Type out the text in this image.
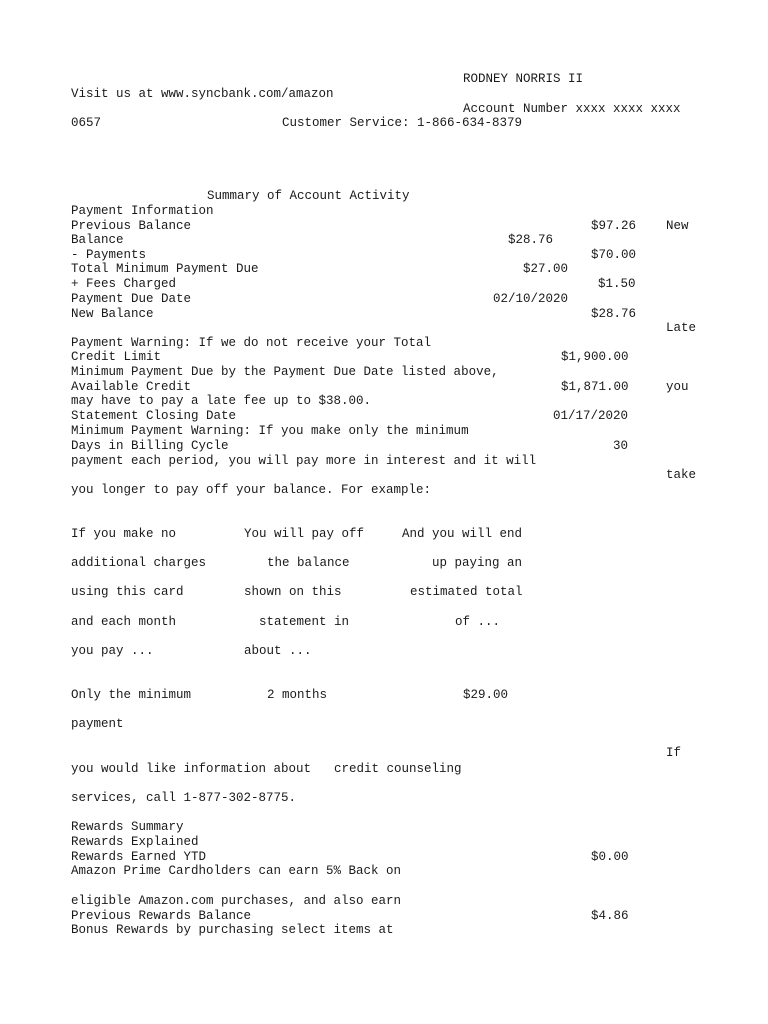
RODNEY NORRIS II
Visit us at www.syncbank.com/amazon
Account Number xxxx xxxx xxxx
0657	Customer Service: 1-866-634-8379
Summary of Account Activity
Payment Information
Previous Balance	$97.26 New
Balance	$28.76
- Payments	$70.00
Total Minimum Payment Due	$27.00
+ Fees Charged	$1.50
Payment Due Date	02/10/2020
New Balance	$28.76
Late
Payment Warning: If we do not receive your Total
Credit Limit	$1,900.00
Minimum Payment Due by the Payment Due Date listed above,
Available Credit	$1,871.00	you
may have to pay a late fee up to $38.00.
Statement Closing Date	01/17/2020
Minimum Payment Warning: If you make only the minimum
Days in Billing Cycle	30
payment each period, you will pay more in interest and it will
take
you longer to pay off your balance. For example:
If you make no	You will pay off	And you will end
additional charges	the balance	up paying an
using this card	shown on this	estimated total
and each month	statement in	of ...
you pay ...	about ...
Only the minimum	2 months	$29.00
payment
If
you would like information about credit counseling
services, call 1-877-302-8775.
Rewards Summary
Rewards Explained
Rewards Earned YTD	$0.00
Amazon Prime Cardholders can earn 5% Back on
eligible Amazon.com purchases, and also earn
Previous Rewards Balance	$4.86
Bonus Rewards by purchasing select items at
